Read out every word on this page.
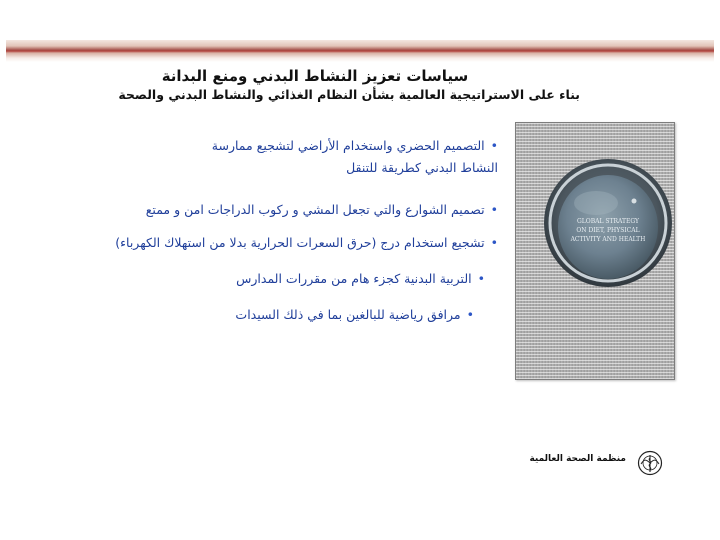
سياسات تعزيز النشاط البدني ومنع البدانة
بناء على الاستراتيجية العالمية بشأن النظام الغذائي والنشاط البدني والصحة
•التصميم الحضري واستخدام الأراضي لتشجيع ممارسة النشاط البدني كطريقة للتنقل
•تصميم الشوارع والتي تجعل المشي و ركوب الدراجات امن و ممتع
•تشجيع استخدام درج (حرق السعرات الحرارية بدلا من استهلاك الكهرباء)
•التربية البدنية كجزء هام من مقررات المدارس
•مرافق رياضية للبالغين بما في ذلك السيدات
GLOBAL STRATEGY
ON DIET, PHYSICAL
ACTIVITY AND HEALTH
منظمة الصحة العالمية
